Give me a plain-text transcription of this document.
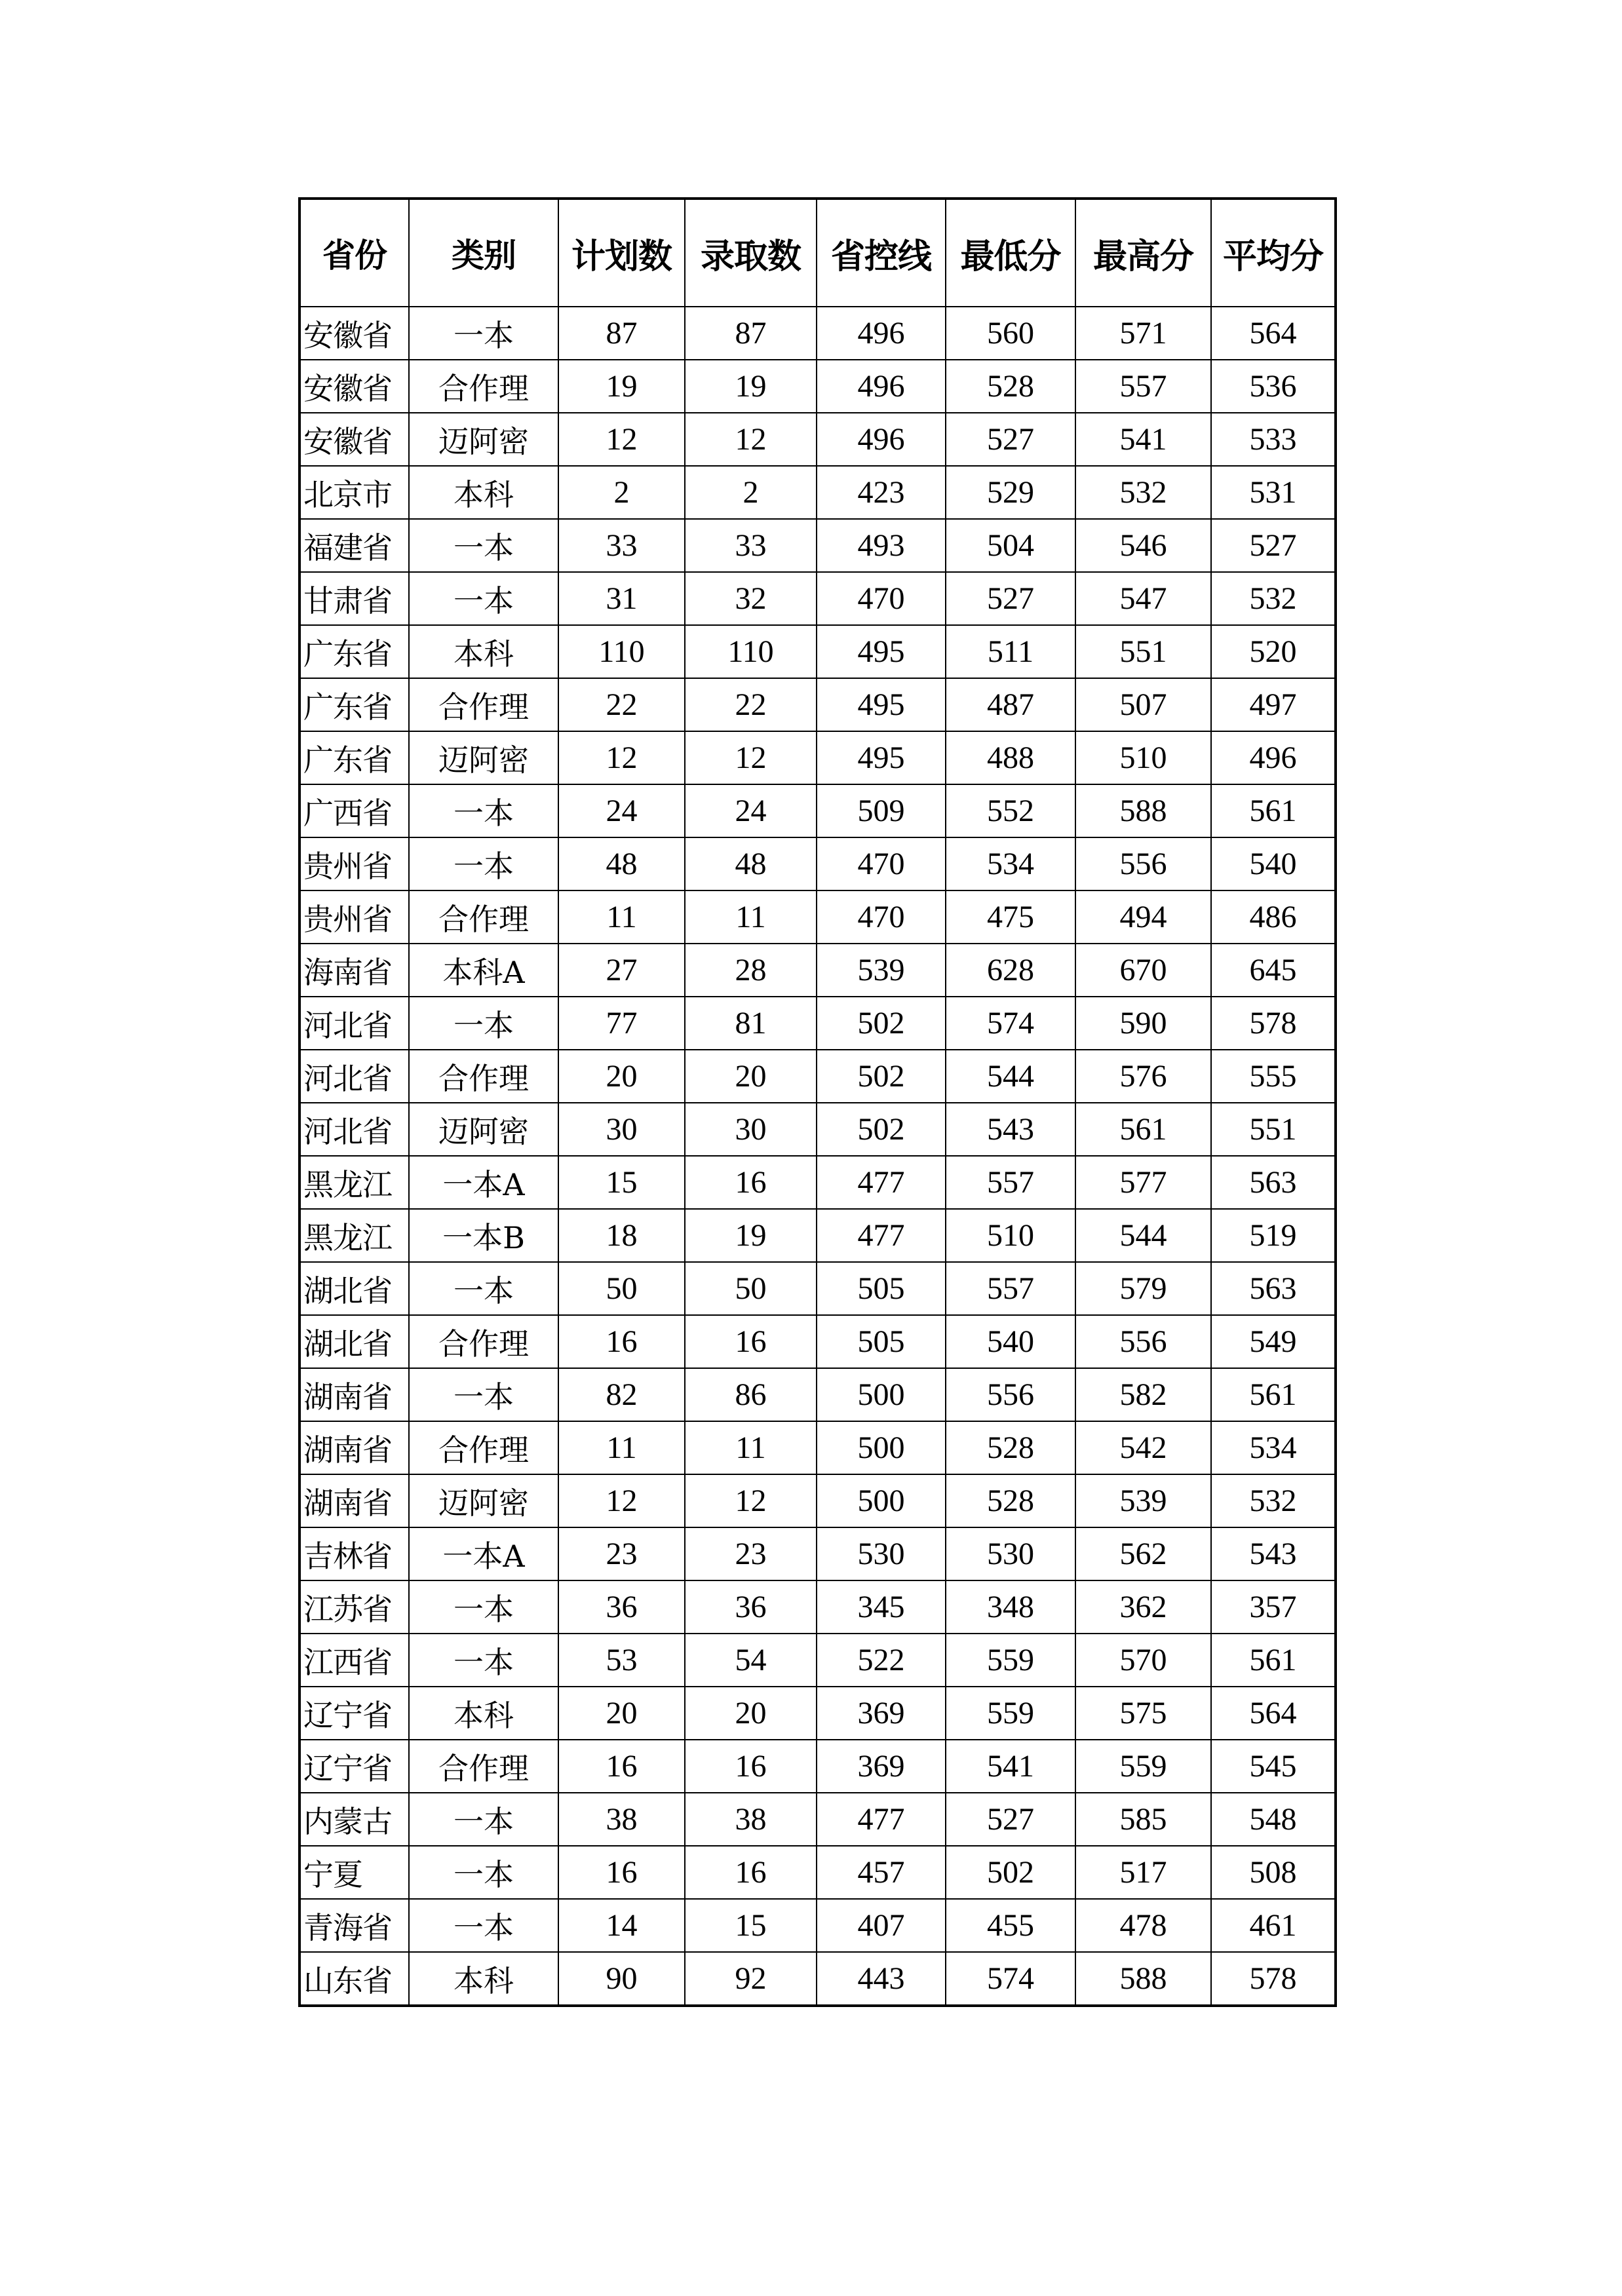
省份	类别	计划数	录取数	省控线	最低分	最高分	平均分
安徽省	一本	87	87	496	560	571	564
安徽省	合作理	19	19	496	528	557	536
安徽省	迈阿密	12	12	496	527	541	533
北京市	本科	2	2	423	529	532	531
福建省	一本	33	33	493	504	546	527
甘肃省	一本	31	32	470	527	547	532
广东省	本科	110	110	495	511	551	520
广东省	合作理	22	22	495	487	507	497
广东省	迈阿密	12	12	495	488	510	496
广西省	一本	24	24	509	552	588	561
贵州省	一本	48	48	470	534	556	540
贵州省	合作理	11	11	470	475	494	486
海南省	本科A	27	28	539	628	670	645
河北省	一本	77	81	502	574	590	578
河北省	合作理	20	20	502	544	576	555
河北省	迈阿密	30	30	502	543	561	551
黑龙江	一本A	15	16	477	557	577	563
黑龙江	一本B	18	19	477	510	544	519
湖北省	一本	50	50	505	557	579	563
湖北省	合作理	16	16	505	540	556	549
湖南省	一本	82	86	500	556	582	561
湖南省	合作理	11	11	500	528	542	534
湖南省	迈阿密	12	12	500	528	539	532
吉林省	一本A	23	23	530	530	562	543
江苏省	一本	36	36	345	348	362	357
江西省	一本	53	54	522	559	570	561
辽宁省	本科	20	20	369	559	575	564
辽宁省	合作理	16	16	369	541	559	545
内蒙古	一本	38	38	477	527	585	548
宁夏	一本	16	16	457	502	517	508
青海省	一本	14	15	407	455	478	461
山东省	本科	90	92	443	574	588	578
